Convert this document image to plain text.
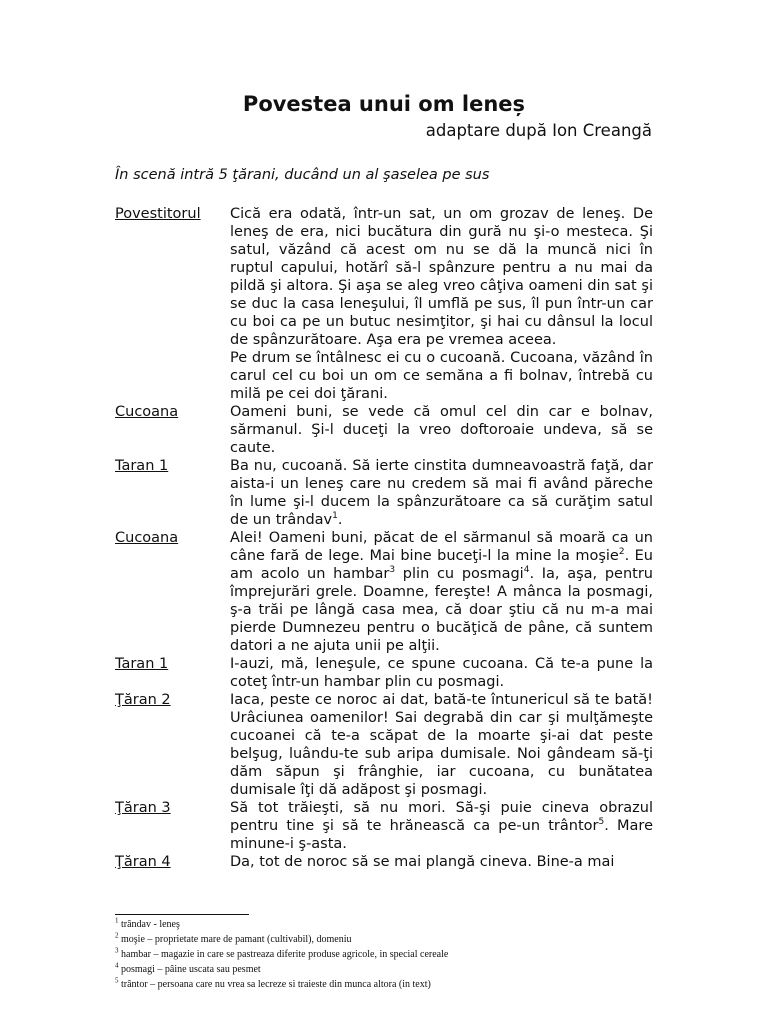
Povestea unui om leneș
adaptare după Ion Creangă

În scenă intră 5 ţărani, ducând un al şaselea pe sus

Povestitorul	Cică era odată, într-un sat, un om grozav de leneş. De leneş de era, nici bucătura din gură nu şi-o mesteca. Şi satul, văzând că acest om nu se dă la muncă nici în ruptul capului, hotărî să-l spânzure pentru a nu mai da pildă şi altora. Şi aşa se aleg vreo câţiva oameni din sat şi se duc la casa leneşului, îl umflă pe sus, îl pun într-un car cu boi ca pe un butuc nesimţitor, şi hai cu dânsul la locul de spânzurătoare. Aşa era pe vremea aceea.

Pe drum se întâlnesc ei cu o cucoană. Cucoana, văzând în carul cel cu boi un om ce semăna a fi bolnav, întrebă cu milă pe cei doi ţărani.

Cucoana	Oameni buni, se vede că omul cel din car e bolnav, sărmanul. Şi-l duceţi la vreo doftoroaie undeva, să se caute.
Taran 1	Ba nu, cucoană. Să ierte cinstita dumneavoastră faţă, dar aista-i un leneş care nu credem să mai fi având păreche în lume şi-l ducem la spânzurătoare ca să curăţim satul de un trândav$^1$.
Cucoana	Alei! Oameni buni, păcat de el sărmanul să moară ca un câne fară de lege. Mai bine buceţi-l la mine la moşie$^2$. Eu am acolo un hambar$^3$ plin cu posmagi$^4$. Ia, aşa, pentru împrejurări grele. Doamne, fereşte! A mânca la posmagi, ş-a trăi pe lângă casa mea, că doar ştiu că nu m-a mai pierde Dumnezeu pentru o bucăţică de pâne, că suntem datori a ne ajuta unii pe alţii.
Taran 1	I-auzi, mă, leneşule, ce spune cucoana. Că te-a pune la coteţ într-un hambar plin cu posmagi.
Ţăran 2	Iaca, peste ce noroc ai dat, bată-te întunericul să te bată! Urâciunea oamenilor! Sai degrabă din car şi mulţămeşte cucoanei că te-a scăpat de la moarte şi-ai dat peste belşug, luându-te sub aripa dumisale. Noi gândeam să-ţi dăm săpun şi frânghie, iar cucoana, cu bunătatea dumisale îţi dă adăpost şi posmagi.
Ţăran 3	Să tot trăieşti, să nu mori. Să-şi puie cineva obrazul pentru tine şi să te hrănească ca pe-un trântor$^5$. Mare minune-i ş-asta.
Ţăran 4	Da, tot de noroc să se mai plangă cineva. Bine-a mai
$^1$ trândav - leneş
$^2$ moşie – proprietate mare de pamant (cultivabil), domeniu
$^3$ hambar – magazie in care se pastreaza diferite produse agricole, in special cereale
$^4$ posmagi – pâine uscata sau pesmet
$^5$ trântor – persoana care nu vrea sa lecreze si traieste din munca altora (in text)
